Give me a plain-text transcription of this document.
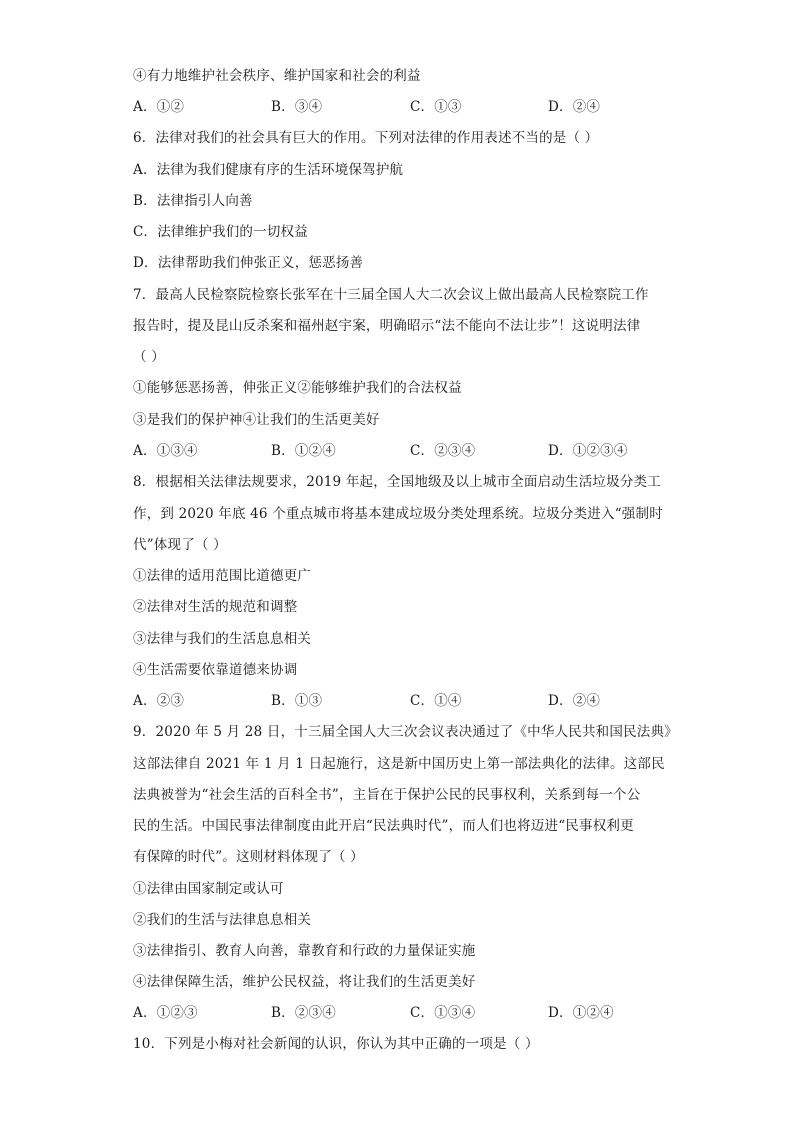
④有力地维护社会秩序、维护国家和社会的利益
A．①②	B．③④	C．①③	D．②④
6．法律对我们的社会具有巨大的作用。下列对法律的作用表述不当的是（ ）
A．法律为我们健康有序的生活环境保驾护航
B．法律指引人向善
C．法律维护我们的一切权益
D．法律帮助我们伸张正义，惩恶扬善
7．最高人民检察院检察长张军在十三届全国人大二次会议上做出最高人民检察院工作
报告时，提及昆山反杀案和福州赵宇案，明确昭示“法不能向不法让步”！这说明法律
（ ）
①能够惩恶扬善，伸张正义②能够维护我们的合法权益
③是我们的保护神④让我们的生活更美好
A．①③④	B．①②④	C．②③④	D．①②③④
8．根据相关法律法规要求，2019 年起，全国地级及以上城市全面启动生活垃圾分类工
作，到 2020 年底 46 个重点城市将基本建成垃圾分类处理系统。垃圾分类进入“强制时
代”体现了（ ）
①法律的适用范围比道德更广
②法律对生活的规范和调整
③法律与我们的生活息息相关
④生活需要依靠道德来协调
A．②③	B．①③	C．①④	D．②④
9．2020 年 5 月 28 日，十三届全国人大三次会议表决通过了《中华人民共和国民法典》
这部法律自 2021 年 1 月 1 日起施行，这是新中国历史上第一部法典化的法律。这部民
法典被誉为“社会生活的百科全书”，主旨在于保护公民的民事权利，关系到每一个公
民的生活。中国民事法律制度由此开启“民法典时代”，而人们也将迈进“民事权利更
有保障的时代”。这则材料体现了（ ）
①法律由国家制定或认可
②我们的生活与法律息息相关
③法律指引、教育人向善，靠教育和行政的力量保证实施
④法律保障生活，维护公民权益，将让我们的生活更美好
A．①②③	B．②③④	C．①③④	D．①②④
10．下列是小梅对社会新闻的认识，你认为其中正确的一项是（ ）
